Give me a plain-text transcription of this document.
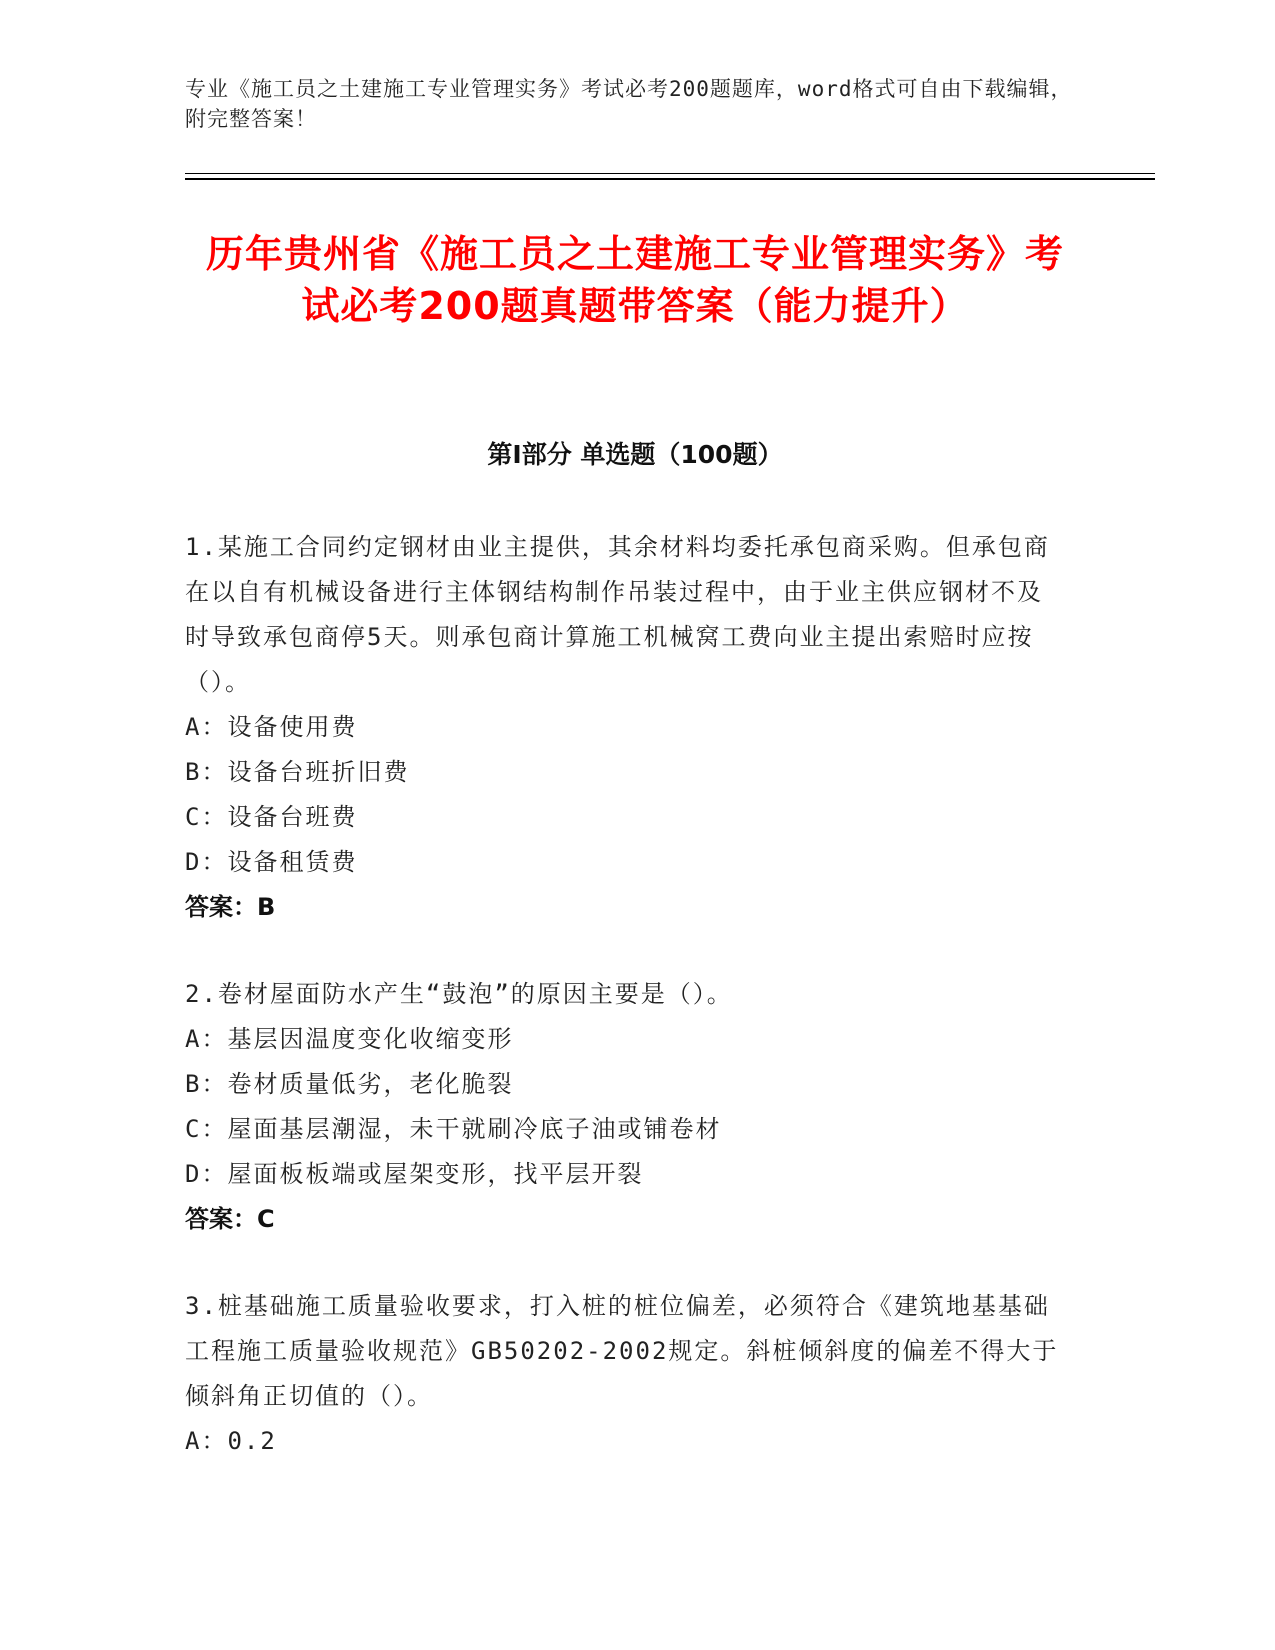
专业《施工员之土建施工专业管理实务》考试必考200题题库，word格式可自由下载编辑，附完整答案！
历年贵州省《施工员之土建施工专业管理实务》考试必考200题真题带答案（能力提升）
第Ⅰ部分 单选题（100题）
1.某施工合同约定钢材由业主提供，其余材料均委托承包商采购。但承包商在以自有机械设备进行主体钢结构制作吊装过程中，由于业主供应钢材不及时导致承包商停5天。则承包商计算施工机械窝工费向业主提出索赔时应按（）。
A：设备使用费
B：设备台班折旧费
C：设备台班费
D：设备租赁费
答案：B
2.卷材屋面防水产生“鼓泡”的原因主要是（）。
A：基层因温度变化收缩变形
B：卷材质量低劣，老化脆裂
C：屋面基层潮湿，未干就刷冷底子油或铺卷材
D：屋面板板端或屋架变形，找平层开裂
答案：C
3.桩基础施工质量验收要求，打入桩的桩位偏差，必须符合《建筑地基基础工程施工质量验收规范》GB50202-2002规定。斜桩倾斜度的偏差不得大于倾斜角正切值的（）。
A：0.2
